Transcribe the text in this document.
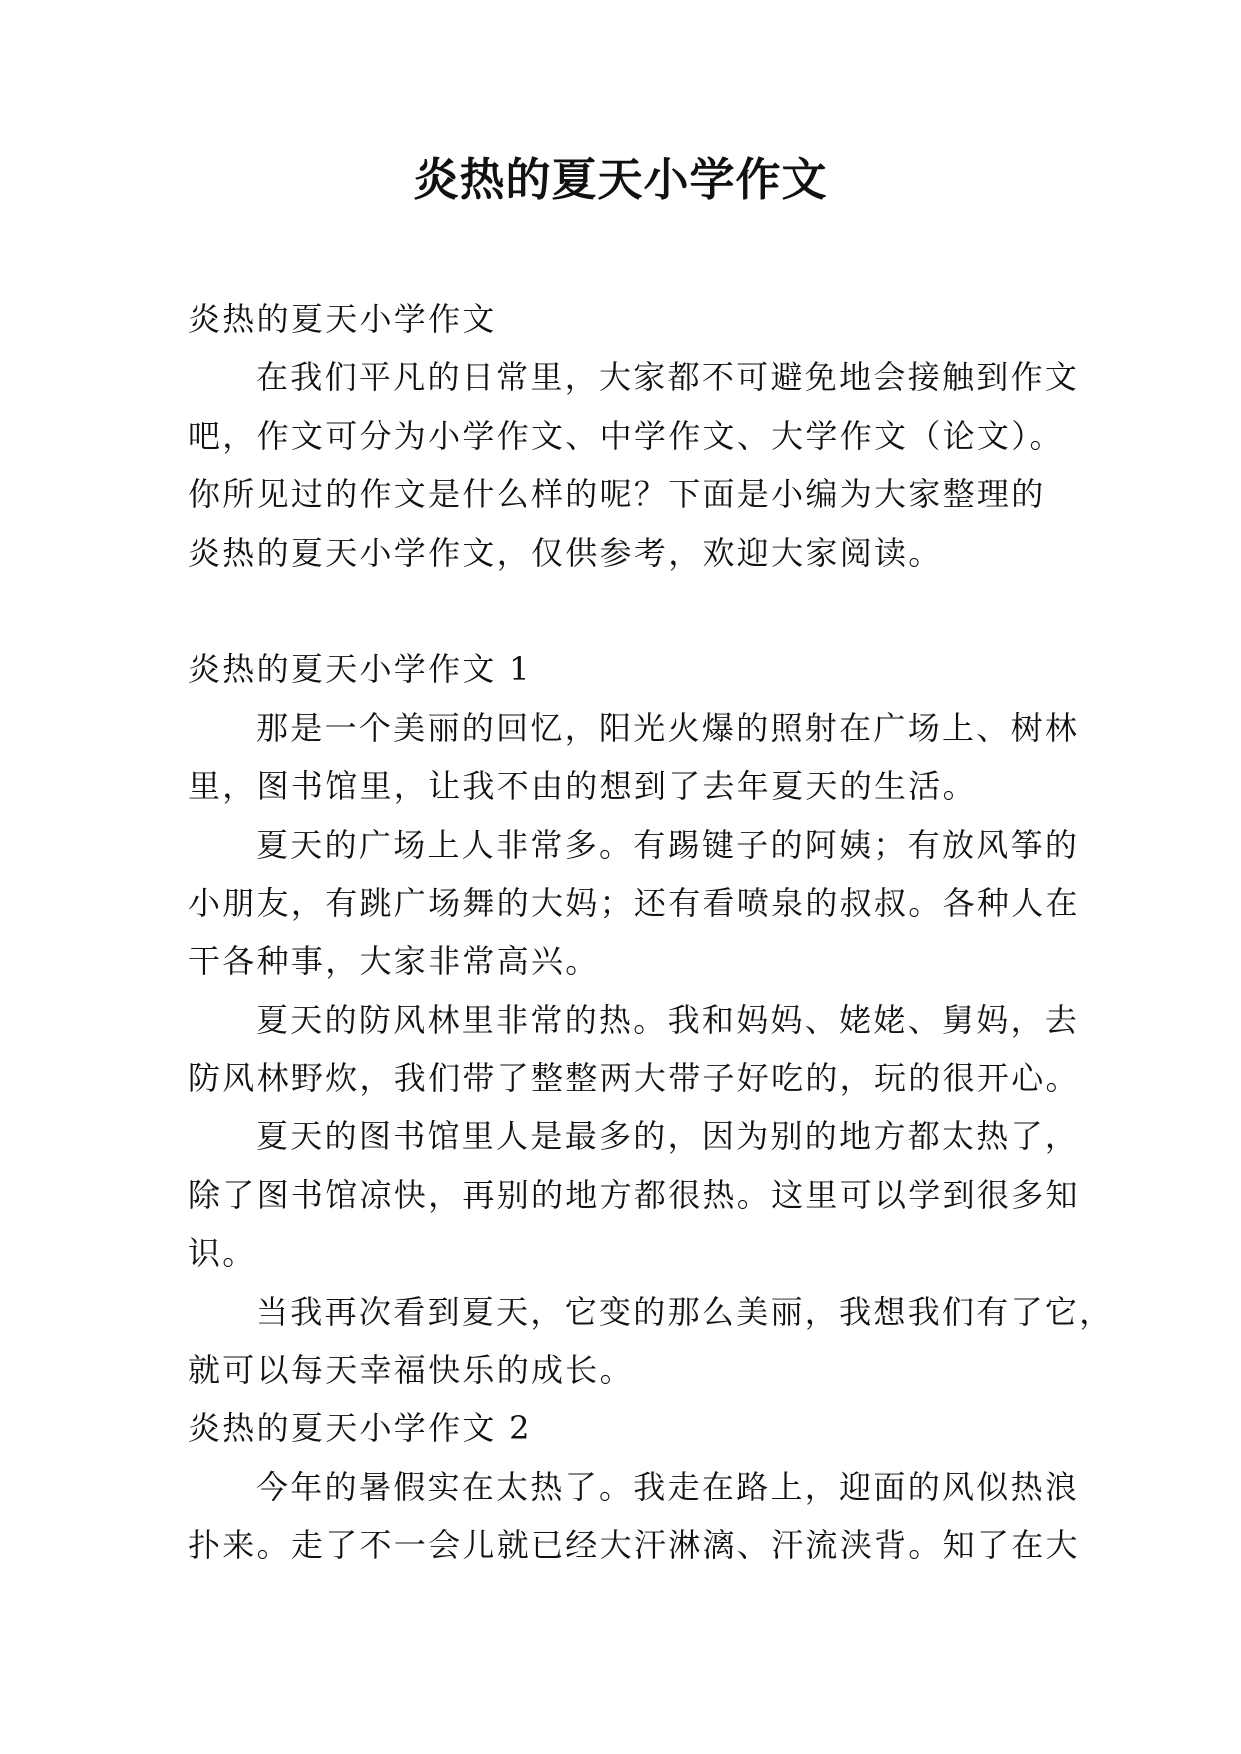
炎热的夏天小学作文
炎热的夏天小学作文
在我们平凡的日常里，大家都不可避免地会接触到作文
吧，作文可分为小学作文、中学作文、大学作文（论文）。
你所见过的作文是什么样的呢？下面是小编为大家整理的
炎热的夏天小学作文，仅供参考，欢迎大家阅读。
炎热的夏天小学作文 1
那是一个美丽的回忆，阳光火爆的照射在广场上、树林
里，图书馆里，让我不由的想到了去年夏天的生活。
夏天的广场上人非常多。有踢键子的阿姨；有放风筝的
小朋友，有跳广场舞的大妈；还有看喷泉的叔叔。各种人在
干各种事，大家非常高兴。
夏天的防风林里非常的热。我和妈妈、姥姥、舅妈，去
防风林野炊，我们带了整整两大带子好吃的，玩的很开心。
夏天的图书馆里人是最多的，因为别的地方都太热了，
除了图书馆凉快，再别的地方都很热。这里可以学到很多知
识。
当我再次看到夏天，它变的那么美丽，我想我们有了它，
就可以每天幸福快乐的成长。
炎热的夏天小学作文 2
今年的暑假实在太热了。我走在路上，迎面的风似热浪
扑来。走了不一会儿就已经大汗淋漓、汗流浃背。知了在大
